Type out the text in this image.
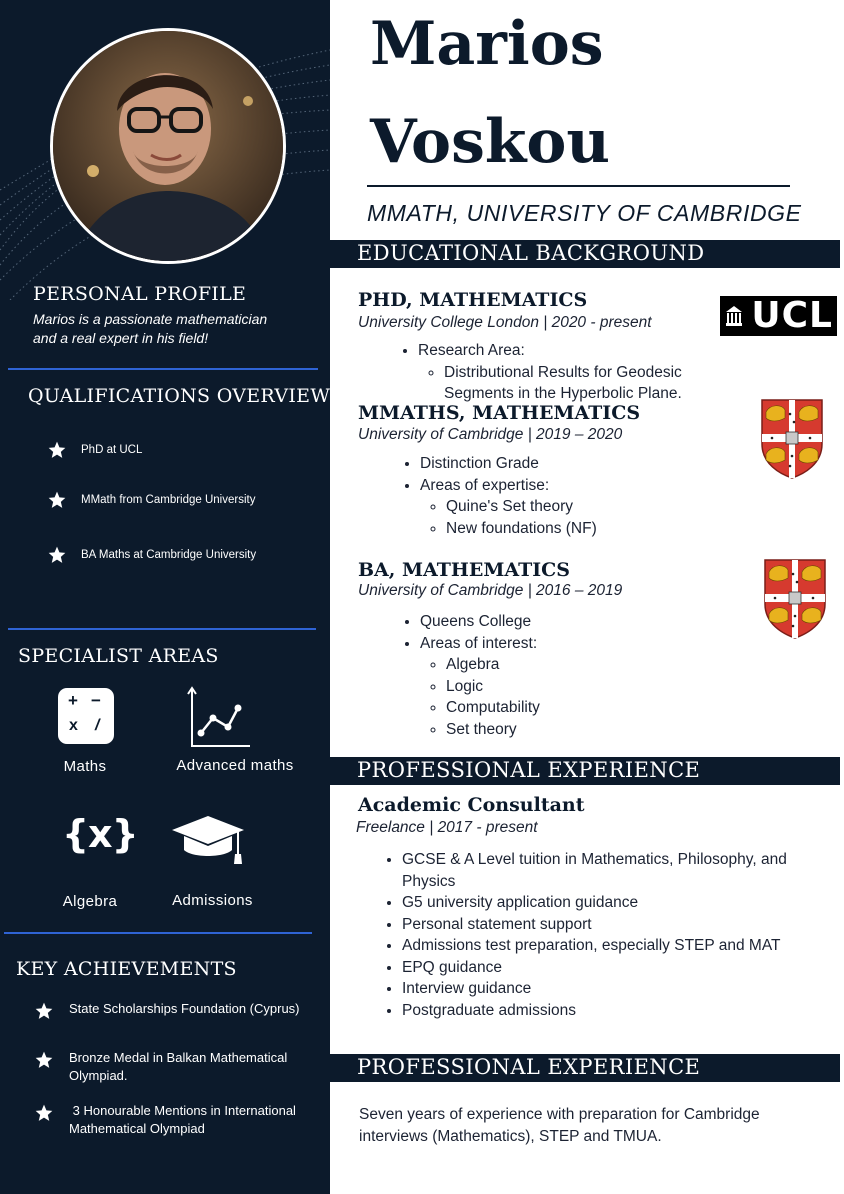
PERSONAL PROFILE
Marios is a passionate mathematician and a real expert in his field!
QUALIFICATIONS OVERVIEW
PhD at UCL
MMath from Cambridge University
BA Maths at Cambridge University
SPECIALIST AREAS
+ −
x /
Maths	Advanced maths
{x}
Algebra	Admissions
KEY ACHIEVEMENTS
State Scholarships Foundation (Cyprus)
Bronze Medal in Balkan Mathematical Olympiad.
3 Honourable Mentions in International Mathematical Olympiad
Marios
Voskou
MMATH, UNIVERSITY OF CAMBRIDGE
EDUCATIONAL BACKGROUND
PHD, MATHEMATICS
University College London | 2020 - present	UCL
• Research Area:
◦ Distributional Results for Geodesic Segments in the Hyperbolic Plane.
MMATHS, MATHEMATICS
University of Cambridge | 2019 – 2020
• Distinction Grade
• Areas of expertise:
◦ Quine's Set theory
◦ New foundations (NF)
BA, MATHEMATICS
University of Cambridge | 2016 – 2019
• Queens College
• Areas of interest:
◦ Algebra
◦ Logic
◦ Computability
◦ Set theory
PROFESSIONAL EXPERIENCE
Academic Consultant
Freelance | 2017 - present
• GCSE & A Level tuition in Mathematics, Philosophy, and Physics
• G5 university application guidance
• Personal statement support
• Admissions test preparation, especially STEP and MAT
• EPQ guidance
• Interview guidance
• Postgraduate admissions
PROFESSIONAL EXPERIENCE
Seven years of experience with preparation for Cambridge interviews (Mathematics), STEP and TMUA.
